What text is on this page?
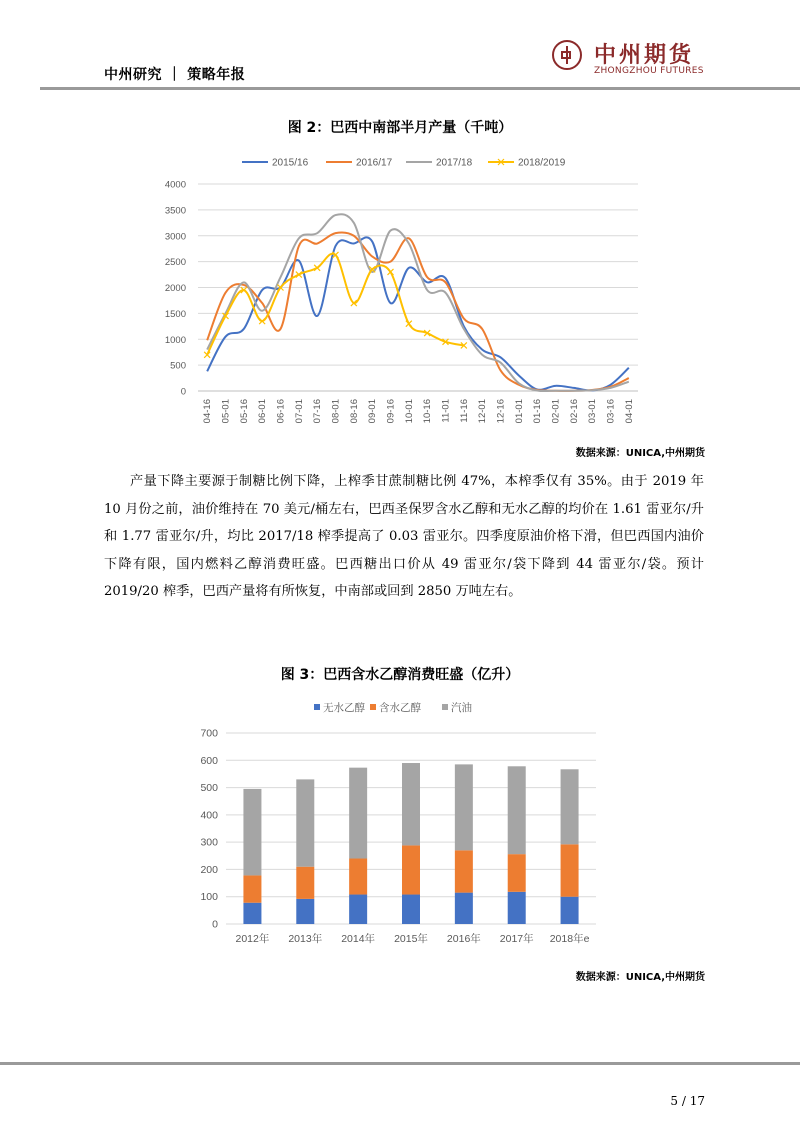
中州研究 ｜ 策略年报
中州期货
ZHONGZHOU FUTURES
图 2：巴西中南部半月产量（千吨）
0
500
1000
1500
2000
2500
3000
3500
4000
04-16 05-01 05-16 06-01 06-16 07-01 07-16 08-01 08-16 09-01 09-16 10-01 10-16 11-01 11-16 12-01 12-16 01-01 01-16 02-01 02-16 03-01 03-16 04-01
2015/16	2016/17	2017/18	2018/2019
数据来源：UNICA,中州期货

产量下降主要源于制糖比例下降，上榨季甘蔗制糖比例 47%，本榨季仅有 35%。由于 2019 年 10 月份之前，油价维持在 70 美元/桶左右，巴西圣保罗含水乙醇和无水乙醇的均价在 1.61 雷亚尔/升和 1.77 雷亚尔/升，均比 2017/18 榨季提高了 0.03 雷亚尔。四季度原油价格下滑，但巴西国内油价下降有限，国内燃料乙醇消费旺盛。巴西糖出口价从 49 雷亚尔/袋下降到 44 雷亚尔/袋。预计 2019/20 榨季，巴西产量将有所恢复，中南部或回到 2850 万吨左右。

图 3：巴西含水乙醇消费旺盛（亿升）
0
100
200
300
400
500
600
700
2012年 2013年 2014年 2015年 2016年 2017年 2018年e
无水乙醇 含水乙醇	汽油
数据来源：UNICA,中州期货
5 / 17
